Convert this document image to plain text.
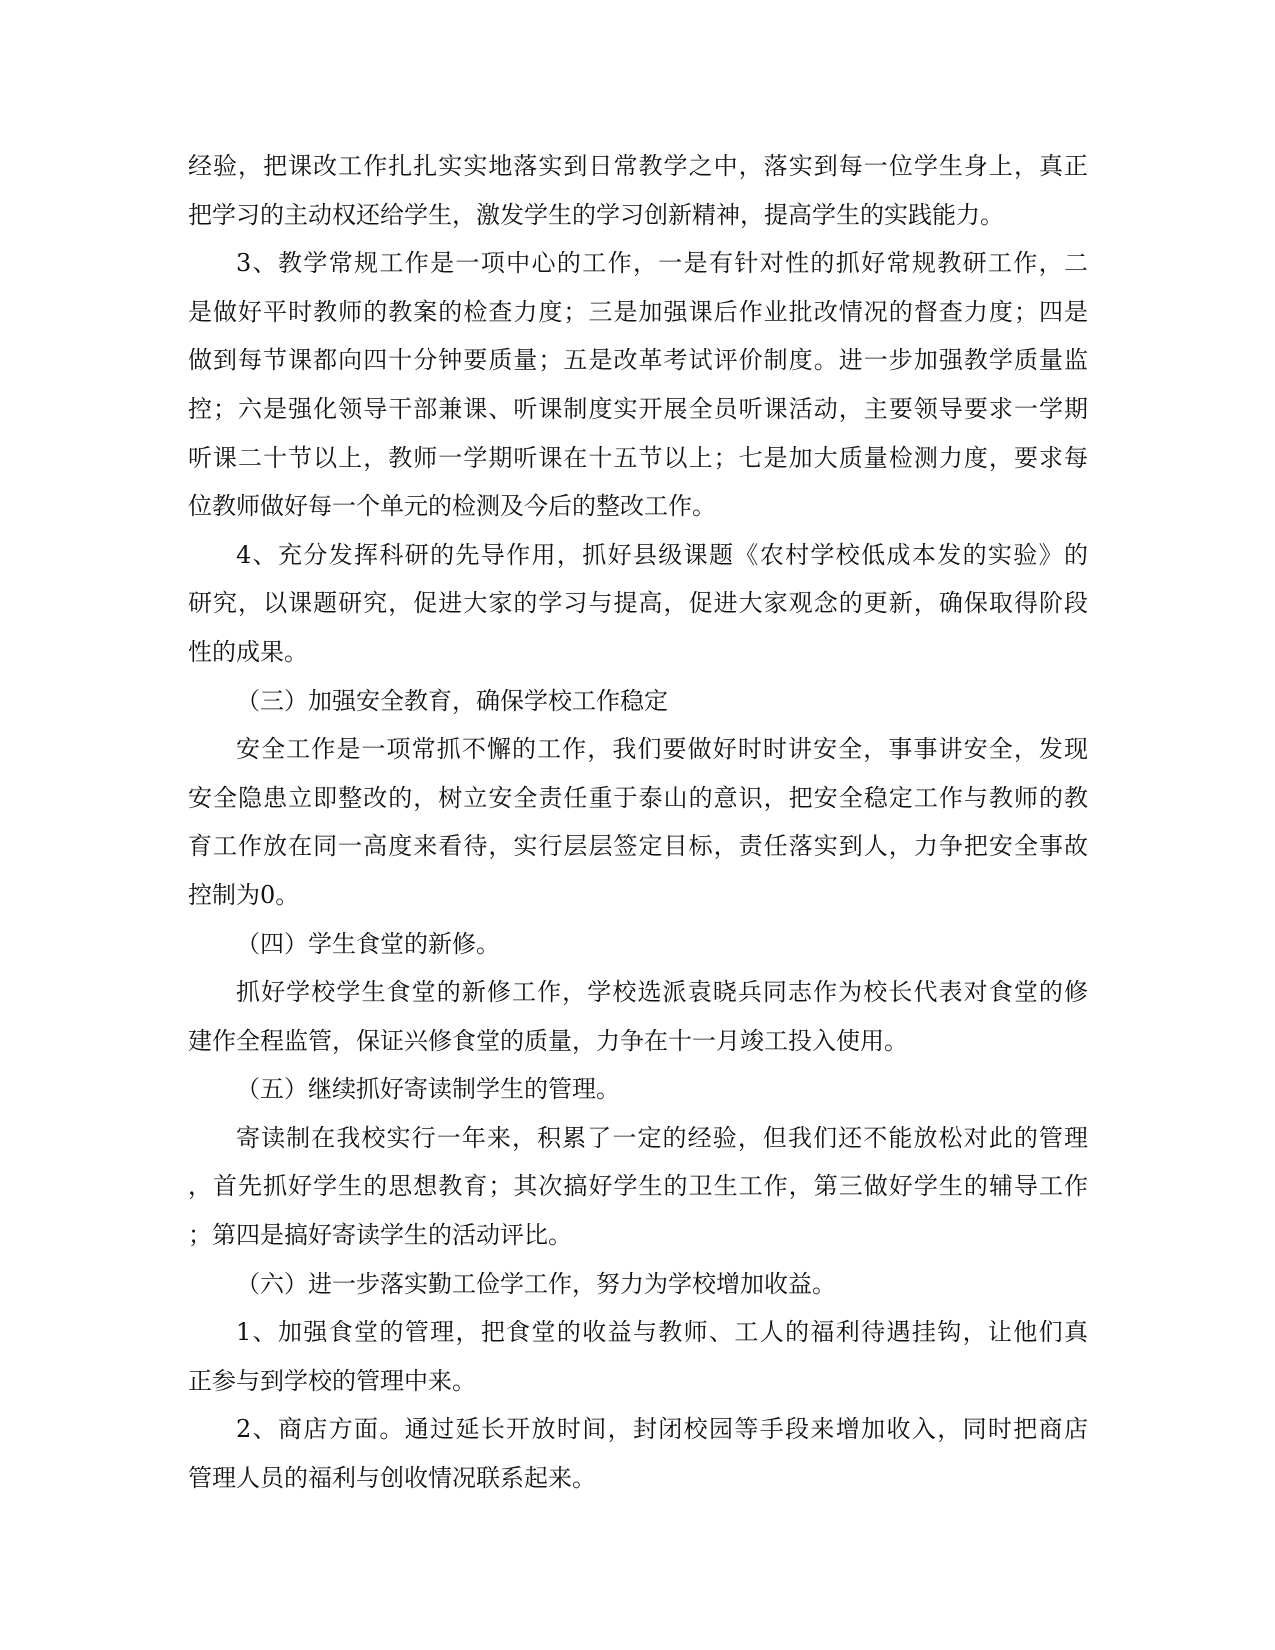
经验，把课改工作扎扎实实地落实到日常教学之中，落实到每一位学生身上，真正
把学习的主动权还给学生，激发学生的学习创新精神，提高学生的实践能力。
3、教学常规工作是一项中心的工作，一是有针对性的抓好常规教研工作，二
是做好平时教师的教案的检查力度；三是加强课后作业批改情况的督查力度；四是
做到每节课都向四十分钟要质量；五是改革考试评价制度。进一步加强教学质量监
控；六是强化领导干部兼课、听课制度实开展全员听课活动，主要领导要求一学期
听课二十节以上，教师一学期听课在十五节以上；七是加大质量检测力度，要求每
位教师做好每一个单元的检测及今后的整改工作。
4、充分发挥科研的先导作用，抓好县级课题《农村学校低成本发的实验》的
研究，以课题研究，促进大家的学习与提高，促进大家观念的更新，确保取得阶段
性的成果。
（三）加强安全教育，确保学校工作稳定
安全工作是一项常抓不懈的工作，我们要做好时时讲安全，事事讲安全，发现
安全隐患立即整改的，树立安全责任重于泰山的意识，把安全稳定工作与教师的教
育工作放在同一高度来看待，实行层层签定目标，责任落实到人，力争把安全事故
控制为0。
（四）学生食堂的新修。
抓好学校学生食堂的新修工作，学校选派袁晓兵同志作为校长代表对食堂的修
建作全程监管，保证兴修食堂的质量，力争在十一月竣工投入使用。
（五）继续抓好寄读制学生的管理。
寄读制在我校实行一年来，积累了一定的经验，但我们还不能放松对此的管理
，首先抓好学生的思想教育；其次搞好学生的卫生工作，第三做好学生的辅导工作
；第四是搞好寄读学生的活动评比。
（六）进一步落实勤工俭学工作，努力为学校增加收益。
1、加强食堂的管理，把食堂的收益与教师、工人的福利待遇挂钩，让他们真
正参与到学校的管理中来。
2、商店方面。通过延长开放时间，封闭校园等手段来增加收入，同时把商店
管理人员的福利与创收情况联系起来。
